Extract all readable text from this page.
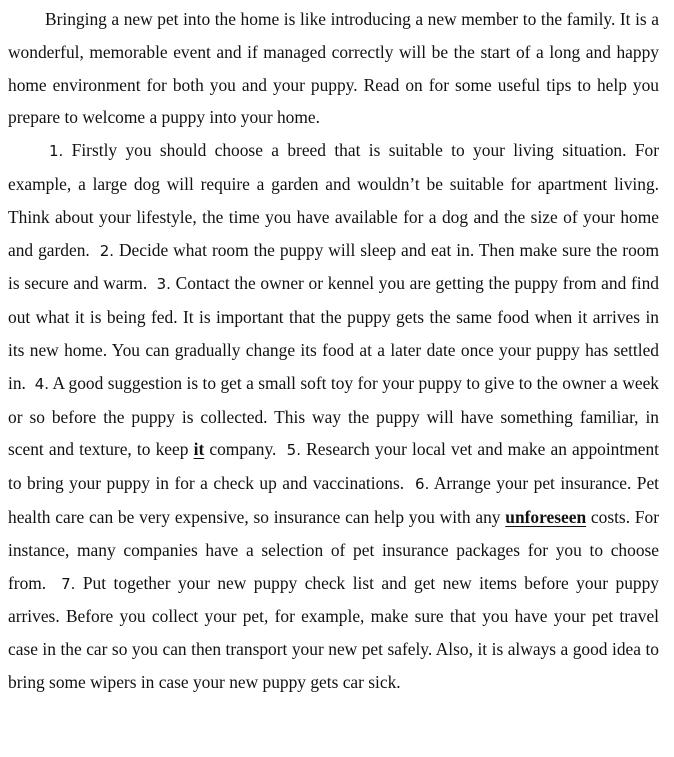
Bringing a new pet into the home is like introducing a new member to the family. It is a wonderful, memorable event and if managed correctly will be the start of a long and happy home environment for both you and your puppy. Read on for some useful tips to help you prepare to welcome a puppy into your home.

1. Firstly you should choose a breed that is suitable to your living situation. For example, a large dog will require a garden and wouldn’t be suitable for apartment living. Think about your lifestyle, the time you have available for a dog and the size of your home and garden. 2. Decide what room the puppy will sleep and eat in. Then make sure the room is secure and warm. 3. Contact the owner or kennel you are getting the puppy from and find out what it is being fed. It is important that the puppy gets the same food when it arrives in its new home. You can gradually change its food at a later date once your puppy has settled in. 4. A good suggestion is to get a small soft toy for your puppy to give to the owner a week or so before the puppy is collected. This way the puppy will have something familiar, in scent and texture, to keep it company. 5. Research your local vet and make an appointment to bring your puppy in for a check up and vaccinations. 6. Arrange your pet insurance. Pet health care can be very expensive, so insurance can help you with any unforeseen costs. For instance, many companies have a selection of pet insurance packages for you to choose from. 7. Put together your new puppy check list and get new items before your puppy arrives. Before you collect your pet, for example, make sure that you have your pet travel case in the car so you can then transport your new pet safely. Also, it is always a good idea to bring some wipers in case your new puppy gets car sick.
